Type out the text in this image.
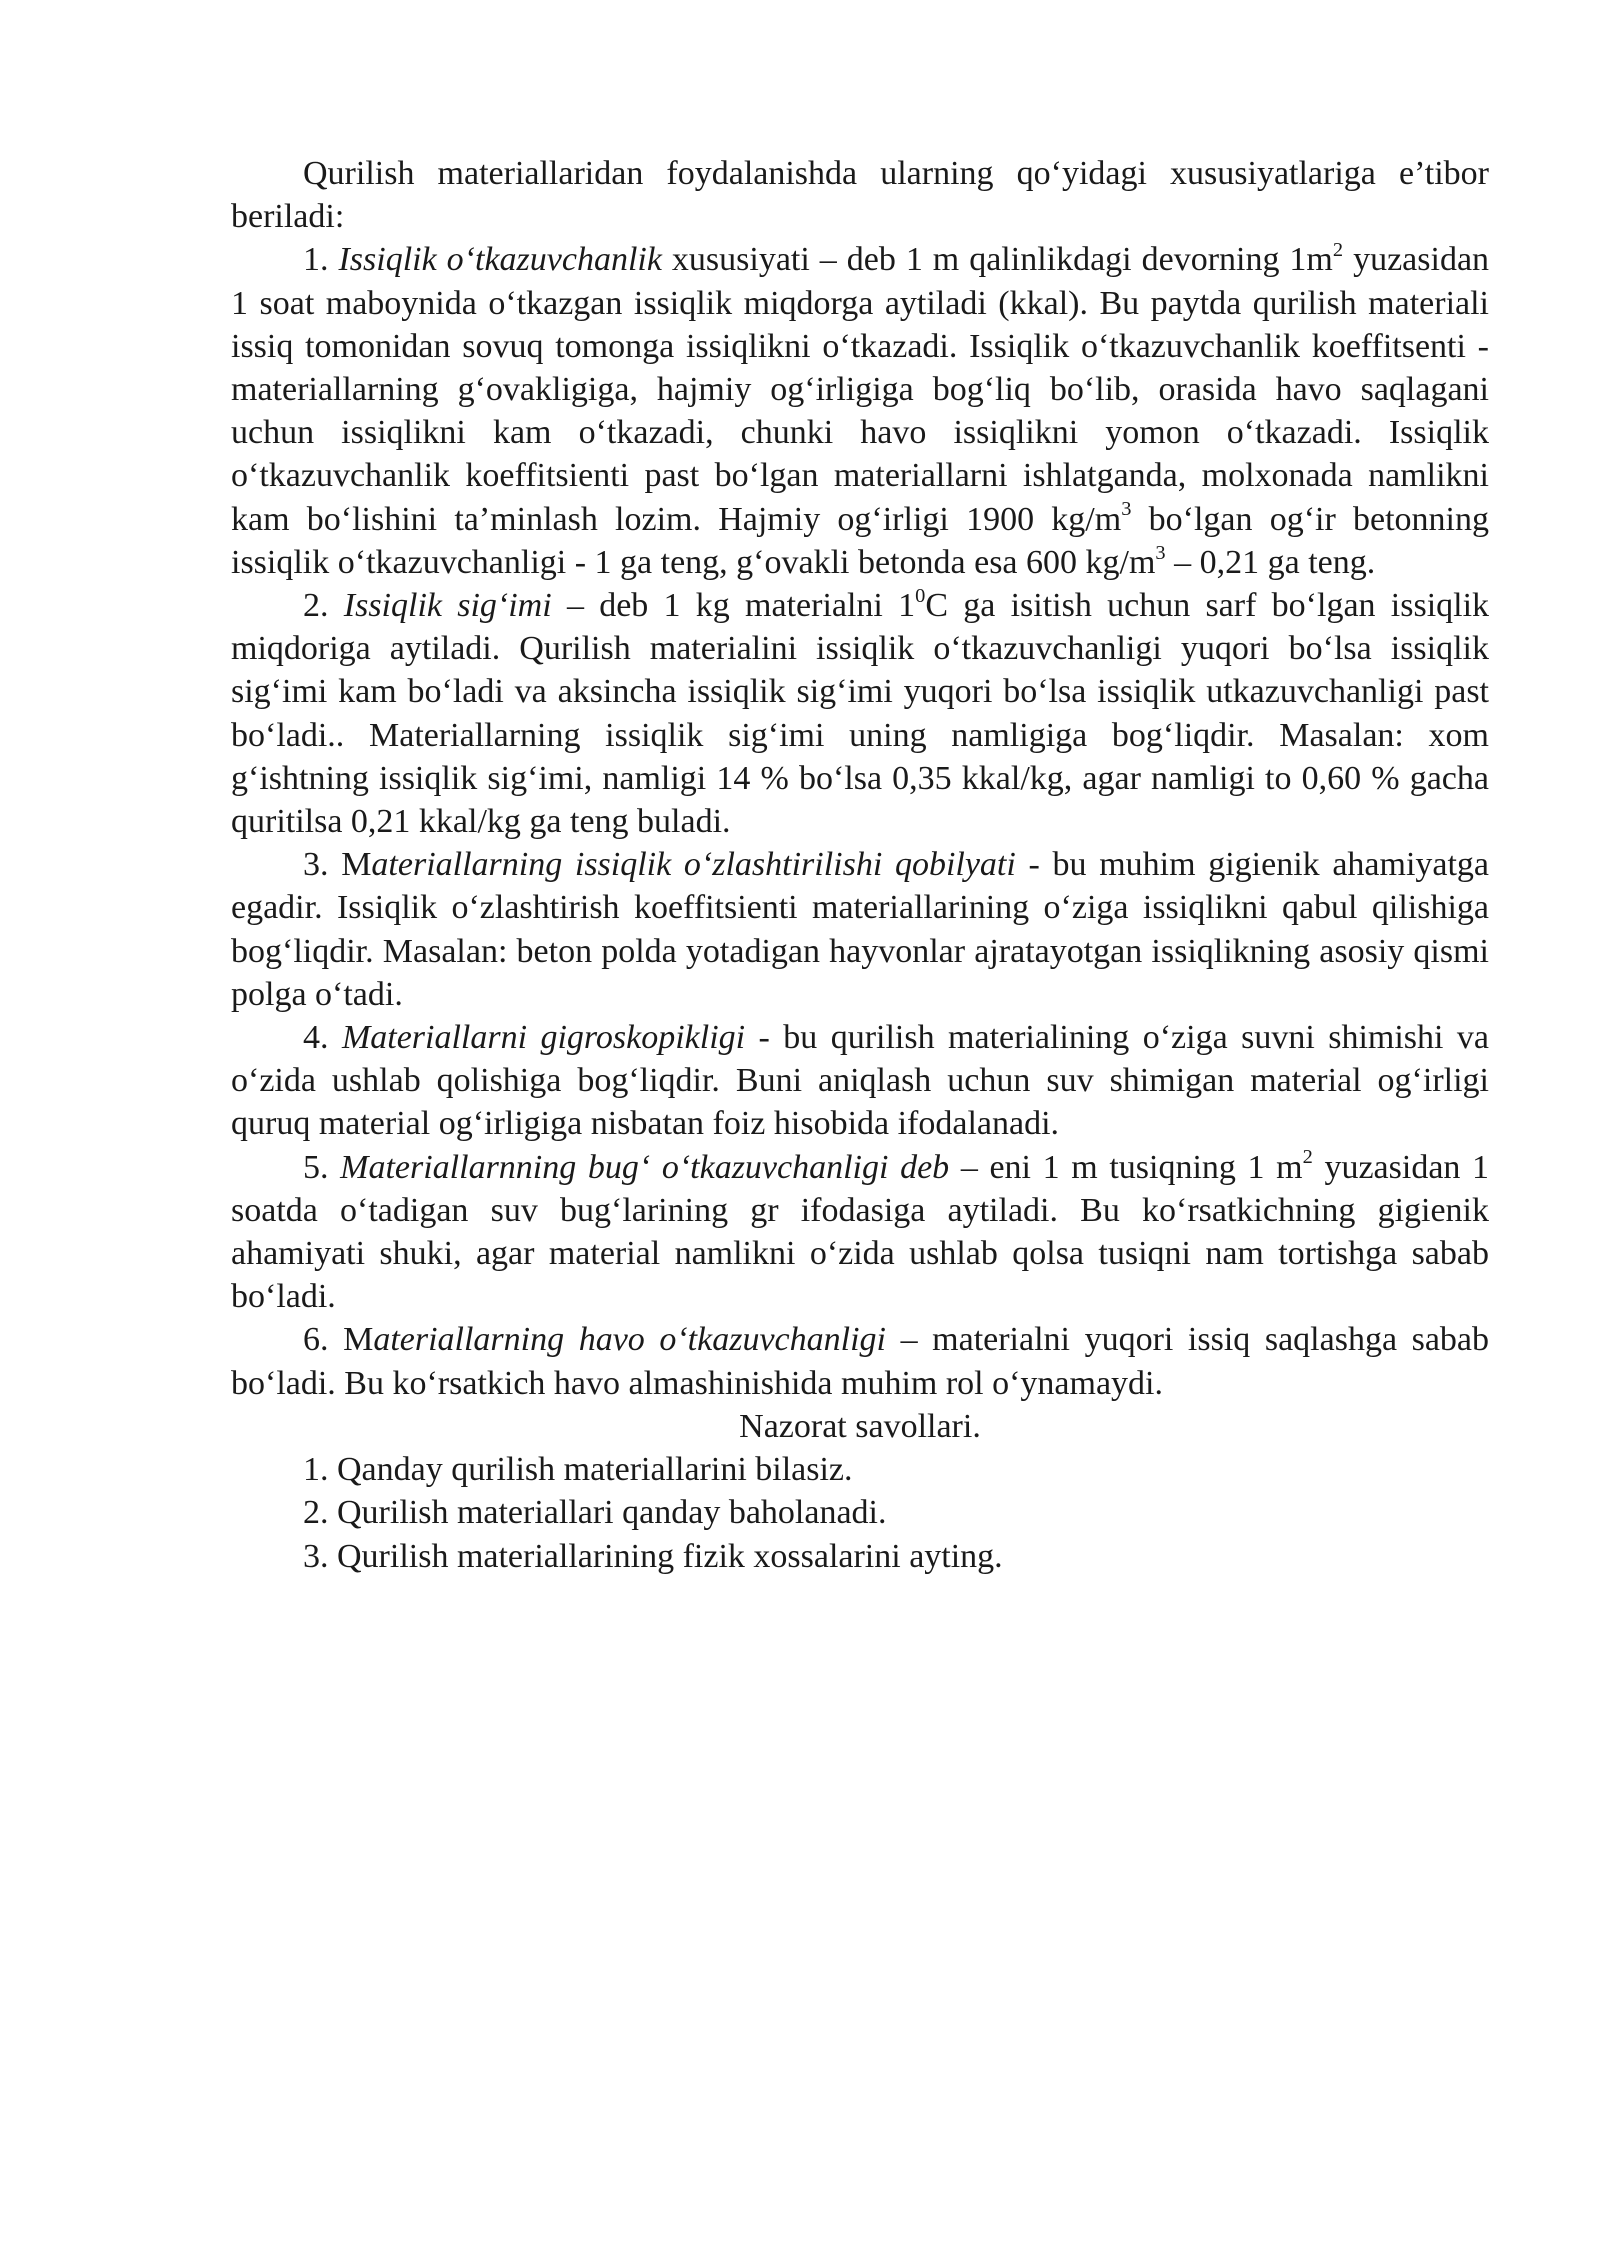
Qurilish materiallaridan foydalanishda ularning qo‘yidagi xususiyatlariga e’tibor beriladi:

1. Issiqlik o‘tkazuvchanlik xususiyati – deb 1 m qalinlikdagi devorning $1m^2$ yuzasidan 1 soat maboynida o‘tkazgan issiqlik miqdorga aytiladi (kkal). Bu paytda qurilish materiali issiq tomonidan sovuq tomonga issiqlikni o‘tkazadi. Issiqlik o‘tkazuvchanlik koeffitsenti - materiallarning g‘ovakligiga, hajmiy og‘irligiga bog‘liq bo‘lib, orasida havo saqlagani uchun issiqlikni kam o‘tkazadi, chunki havo issiqlikni yomon o‘tkazadi. Issiqlik o‘tkazuvchanlik koeffitsienti past bo‘lgan materiallarni ishlatganda, molxonada namlikni kam bo‘lishini ta’minlash lozim. Hajmiy og‘irligi 1900 $kg/m^3$ bo‘lgan og‘ir betonning issiqlik o‘tkazuvchanligi - 1 ga teng, g‘ovakli betonda esa 600 $kg/m^3 - 0,21$ ga teng.

2. Issiqlik sig‘imi – deb 1 kg materialni $1^0C$ ga isitish uchun sarf bo‘lgan issiqlik miqdoriga aytiladi. Qurilish materialini issiqlik o‘tkazuvchanligi yuqori bo‘lsa issiqlik sig‘imi kam bo‘ladi va aksincha issiqlik sig‘imi yuqori bo‘lsa issiqlik utkazuvchanligi past bo‘ladi.. Materiallarning issiqlik sig‘imi uning namligiga bog‘liqdir. Masalan: xom g‘ishtning issiqlik sig‘imi, namligi 14 % bo‘lsa 0,35 kkal/kg, agar namligi to 0,60 % gacha quritilsa 0,21 kkal/kg ga teng buladi.

3. Materiallarning issiqlik o‘zlashtirilishi qobilyati - bu muhim gigienik ahamiyatga egadir. Issiqlik o‘zlashtirish koeffitsienti materiallarining o‘ziga issiqlikni qabul qilishiga bog‘liqdir. Masalan: beton polda yotadigan hayvonlar ajratayotgan issiqlikning asosiy qismi polga o‘tadi.

4. Materiallarni gigroskopikligi - bu qurilish materialining o‘ziga suvni shimishi va o‘zida ushlab qolishiga bog‘liqdir. Buni aniqlash uchun suv shimigan material og‘irligi quruq material og‘irligiga nisbatan foiz hisobida ifodalanadi.

5. Materiallarnning bug‘ o‘tkazuvchanligi deb – eni 1 m tusiqning 1 $m^2$ yuzasidan 1 soatda o‘tadigan suv bug‘larining gr ifodasiga aytiladi. Bu ko‘rsatkichning gigienik ahamiyati shuki, agar material namlikni o‘zida ushlab qolsa tusiqni nam tortishga sabab bo‘ladi.

6. Materiallarning havo o‘tkazuvchanligi – materialni yuqori issiq saqlashga sabab bo‘ladi. Bu ko‘rsatkich havo almashinishida muhim rol o‘ynamaydi.

Nazorat savollari.

1. Qanday qurilish materiallarini bilasiz.

2. Qurilish materiallari qanday baholanadi.

3. Qurilish materiallarining fizik xossalarini ayting.
